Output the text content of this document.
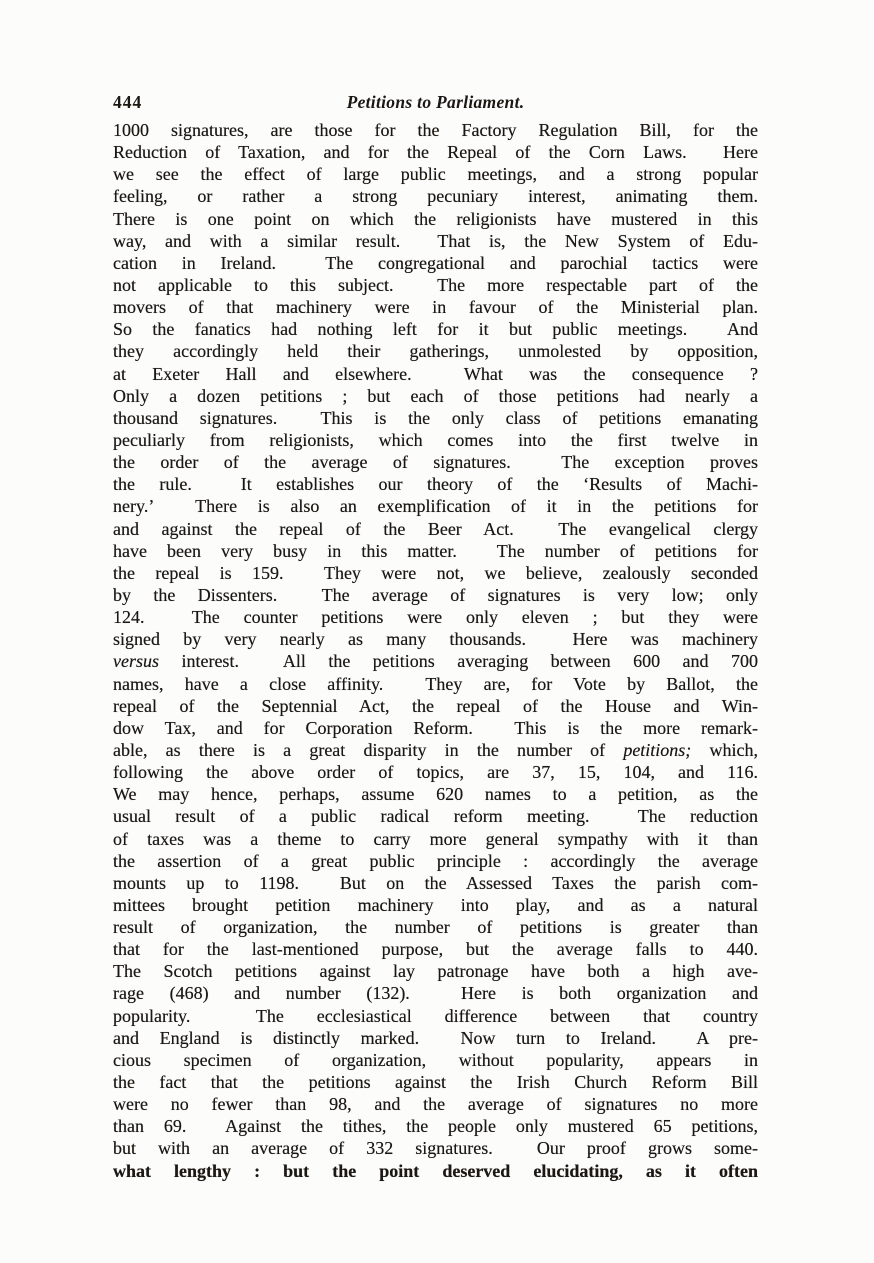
444	Petitions to Parliament.
1000 signatures, are those for the Factory Regulation Bill, for the
Reduction of Taxation, and for the Repeal of the Corn Laws.  Here
we see the effect of large public meetings, and a strong popular
feeling, or rather a strong pecuniary interest, animating them.
There is one point on which the religionists have mustered in this
way, and with a similar result.  That is, the New System of Edu-
cation in Ireland.  The congregational and parochial tactics were
not applicable to this subject.  The more respectable part of the
movers of that machinery were in favour of the Ministerial plan.
So the fanatics had nothing left for it but public meetings.  And
they accordingly held their gatherings, unmolested by opposition,
at Exeter Hall and elsewhere.  What was the consequence ?
Only a dozen petitions ; but each of those petitions had nearly a
thousand signatures.  This is the only class of petitions emanating
peculiarly from religionists, which comes into the first twelve in
the order of the average of signatures.  The exception proves
the rule.  It establishes our theory of the ‘Results of Machi-
nery.’  There is also an exemplification of it in the petitions for
and against the repeal of the Beer Act.  The evangelical clergy
have been very busy in this matter.  The number of petitions for
the repeal is 159.  They were not, we believe, zealously seconded
by the Dissenters.  The average of signatures is very low; only
124.  The counter petitions were only eleven ; but they were
signed by very nearly as many thousands.  Here was machinery
versus interest.  All the petitions averaging between 600 and 700
names, have a close affinity.  They are, for Vote by Ballot, the
repeal of the Septennial Act, the repeal of the House and Win-
dow Tax, and for Corporation Reform.  This is the more remark-
able, as there is a great disparity in the number of petitions; which,
following the above order of topics, are 37, 15, 104, and 116.
We may hence, perhaps, assume 620 names to a petition, as the
usual result of a public radical reform meeting.  The reduction
of taxes was a theme to carry more general sympathy with it than
the assertion of a great public principle : accordingly the average
mounts up to 1198.  But on the Assessed Taxes the parish com-
mittees brought petition machinery into play, and as a natural
result of organization, the number of petitions is greater than
that for the last-mentioned purpose, but the average falls to 440.
The Scotch petitions against lay patronage have both a high ave-
rage (468) and number (132).  Here is both organization and
popularity.  The ecclesiastical difference between that country
and England is distinctly marked.  Now turn to Ireland.  A pre-
cious specimen of organization, without popularity, appears in
the fact that the petitions against the Irish Church Reform Bill
were no fewer than 98, and the average of signatures no more
than 69.  Against the tithes, the people only mustered 65 petitions,
but with an average of 332 signatures.  Our proof grows some-
what lengthy : but the point deserved elucidating, as it often
